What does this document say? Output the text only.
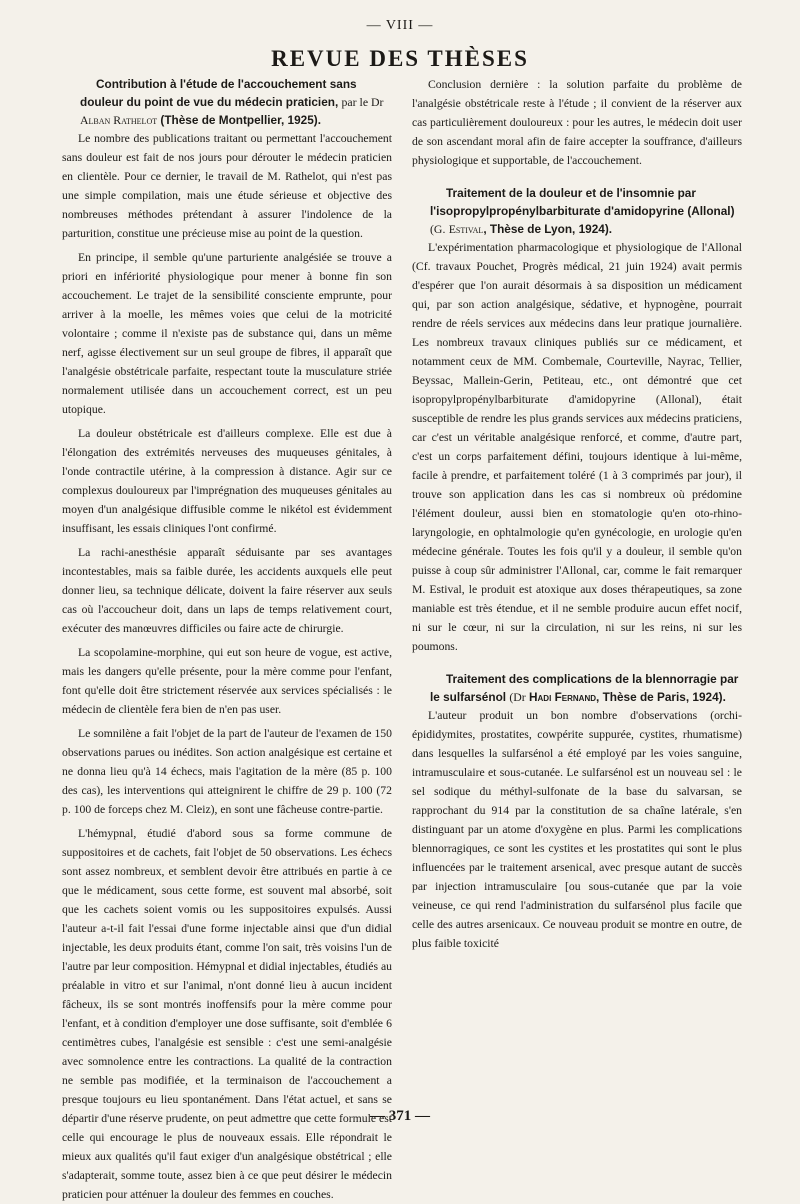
— VIII —
REVUE DES THÈSES

Contribution à l'étude de l'accouchement sans douleur du point de vue du médecin praticien, par le Dr Alban Rathelot (Thèse de Montpellier, 1925).

Le nombre des publications traitant ou permettant l'accouchement sans douleur est fait de nos jours pour dérouter le médecin praticien en clientèle. Pour ce dernier, le travail de M. Rathelot, qui n'est pas une simple compilation, mais une étude sérieuse et objective des nombreuses méthodes prétendant à assurer l'indolence de la parturition, constitue une précieuse mise au point de la question.

En principe, il semble qu'une parturiente analgésiée se trouve a priori en infériorité physiologique pour mener à bonne fin son accouchement. Le trajet de la sensibilité consciente emprunte, pour arriver à la moelle, les mêmes voies que celui de la motricité volontaire ; comme il n'existe pas de substance qui, dans un même nerf, agisse électivement sur un seul groupe de fibres, il apparaît que l'analgésie obstétricale parfaite, respectant toute la musculature striée normalement utilisée dans un accouchement correct, est un peu utopique.

La douleur obstétricale est d'ailleurs complexe. Elle est due à l'élongation des extrémités nerveuses des muqueuses génitales, à l'onde contractile utérine, à la compression à distance. Agir sur ce complexus douloureux par l'imprégnation des muqueuses génitales au moyen d'un analgésique diffusible comme le nikétol est évidemment insuffisant, les essais cliniques l'ont confirmé.

La rachi-anesthésie apparaît séduisante par ses avantages incontestables, mais sa faible durée, les accidents auxquels elle peut donner lieu, sa technique délicate, doivent la faire réserver aux seuls cas où l'accoucheur doit, dans un laps de temps relativement court, exécuter des manœuvres difficiles ou faire acte de chirurgie.

La scopolamine-morphine, qui eut son heure de vogue, est active, mais les dangers qu'elle présente, pour la mère comme pour l'enfant, font qu'elle doit être strictement réservée aux services spécialisés : le médecin de clientèle fera bien de n'en pas user.

Le somnilène a fait l'objet de la part de l'auteur de l'examen de 150 observations parues ou inédites. Son action analgésique est certaine et ne donna lieu qu'à 14 échecs, mais l'agitation de la mère (85 p. 100 des cas), les interventions qui atteignirent le chiffre de 29 p. 100 (72 p. 100 de forceps chez M. Cleiz), en sont une fâcheuse contre-partie.

L'hémypnal, étudié d'abord sous sa forme commune de suppositoires et de cachets, fait l'objet de 50 observations. Les échecs sont assez nombreux, et semblent devoir être attribués en partie à ce que le médicament, sous cette forme, est souvent mal absorbé, soit que les cachets soient vomis ou les suppositoires expulsés. Aussi l'auteur a-t-il fait l'essai d'une forme injectable ainsi que d'un didial injectable, les deux produits étant, comme l'on sait, très voisins l'un de l'autre par leur composition. Hémypnal et didial injectables, étudiés au préalable in vitro et sur l'animal, n'ont donné lieu à aucun incident fâcheux, ils se sont montrés inoffensifs pour la mère comme pour l'enfant, et à condition d'employer une dose suffisante, soit d'emblée 6 centimètres cubes, l'analgésie est sensible : c'est une semi-analgésie avec somnolence entre les contractions. La qualité de la contraction ne semble pas modifiée, et la terminaison de l'accouchement a presque toujours eu lieu spontanément. Dans l'état actuel, et sans se départir d'une réserve prudente, on peut admettre que cette formule est celle qui encourage le plus de nouveaux essais. Elle répondrait le mieux aux qualités qu'il faut exiger d'un analgésique obstétrical ; elle s'adapterait, somme toute, assez bien à ce que peut désirer le médecin praticien pour atténuer la douleur des femmes en couches.

Conclusion dernière : la solution parfaite du problème de l'analgésie obstétricale reste à l'étude ; il convient de la réserver aux cas particulièrement douloureux : pour les autres, le médecin doit user de son ascendant moral afin de faire accepter la souffrance, d'ailleurs physiologique et supportable, de l'accouchement.

Traitement de la douleur et de l'insomnie par l'isopropylpropénylbarbiturate d'amidopyrine (Allonal) (G. Estival, Thèse de Lyon, 1924).

L'expérimentation pharmacologique et physiologique de l'Allonal (Cf. travaux Pouchet, Progrès médical, 21 juin 1924) avait permis d'espérer que l'on aurait désormais à sa disposition un médicament qui, par son action analgésique, sédative, et hypnogène, pourrait rendre de réels services aux médecins dans leur pratique journalière. Les nombreux travaux cliniques publiés sur ce médicament, et notamment ceux de MM. Combemale, Courteville, Nayrac, Tellier, Beyssac, Mallein-Gerin, Petiteau, etc., ont démontré que cet isopropylpropénylbarbiturate d'amidopyrine (Allonal), était susceptible de rendre les plus grands services aux médecins praticiens, car c'est un véritable analgésique renforcé, et comme, d'autre part, c'est un corps parfaitement défini, toujours identique à lui-même, facile à prendre, et parfaitement toléré (1 à 3 comprimés par jour), il trouve son application dans les cas si nombreux où prédomine l'élément douleur, aussi bien en stomatologie qu'en oto-rhino-laryngologie, en ophtalmologie qu'en gynécologie, en urologie qu'en médecine générale. Toutes les fois qu'il y a douleur, il semble qu'on puisse à coup sûr administrer l'Allonal, car, comme le fait remarquer M. Estival, le produit est atoxique aux doses thérapeutiques, sa zone maniable est très étendue, et il ne semble produire aucun effet nocif, ni sur le cœur, ni sur la circulation, ni sur les reins, ni sur les poumons.

Traitement des complications de la blennorragie par le sulfarsénol (Dr Hadi Fernand, Thèse de Paris, 1924).

L'auteur produit un bon nombre d'observations (orchi-épididymites, prostatites, cowpérite suppurée, cystites, rhumatisme) dans lesquelles la sulfarsénol a été employé par les voies sanguine, intramusculaire et sous-cutanée. Le sulfarsénol est un nouveau sel : le sel sodique du méthyl-sulfonate de la base du salvarsan, se rapprochant du 914 par la constitution de sa chaîne latérale, s'en distinguant par un atome d'oxygène en plus. Parmi les complications blennorragiques, ce sont les cystites et les prostatites qui sont le plus influencées par le traitement arsenical, avec presque autant de succès par injection intramusculaire [ou sous-cutanée que par la voie veineuse, ce qui rend l'administration du sulfarsénol plus facile que celle des autres arsenicaux. Ce nouveau produit se montre en outre, de plus faible toxicité

— 371 —
